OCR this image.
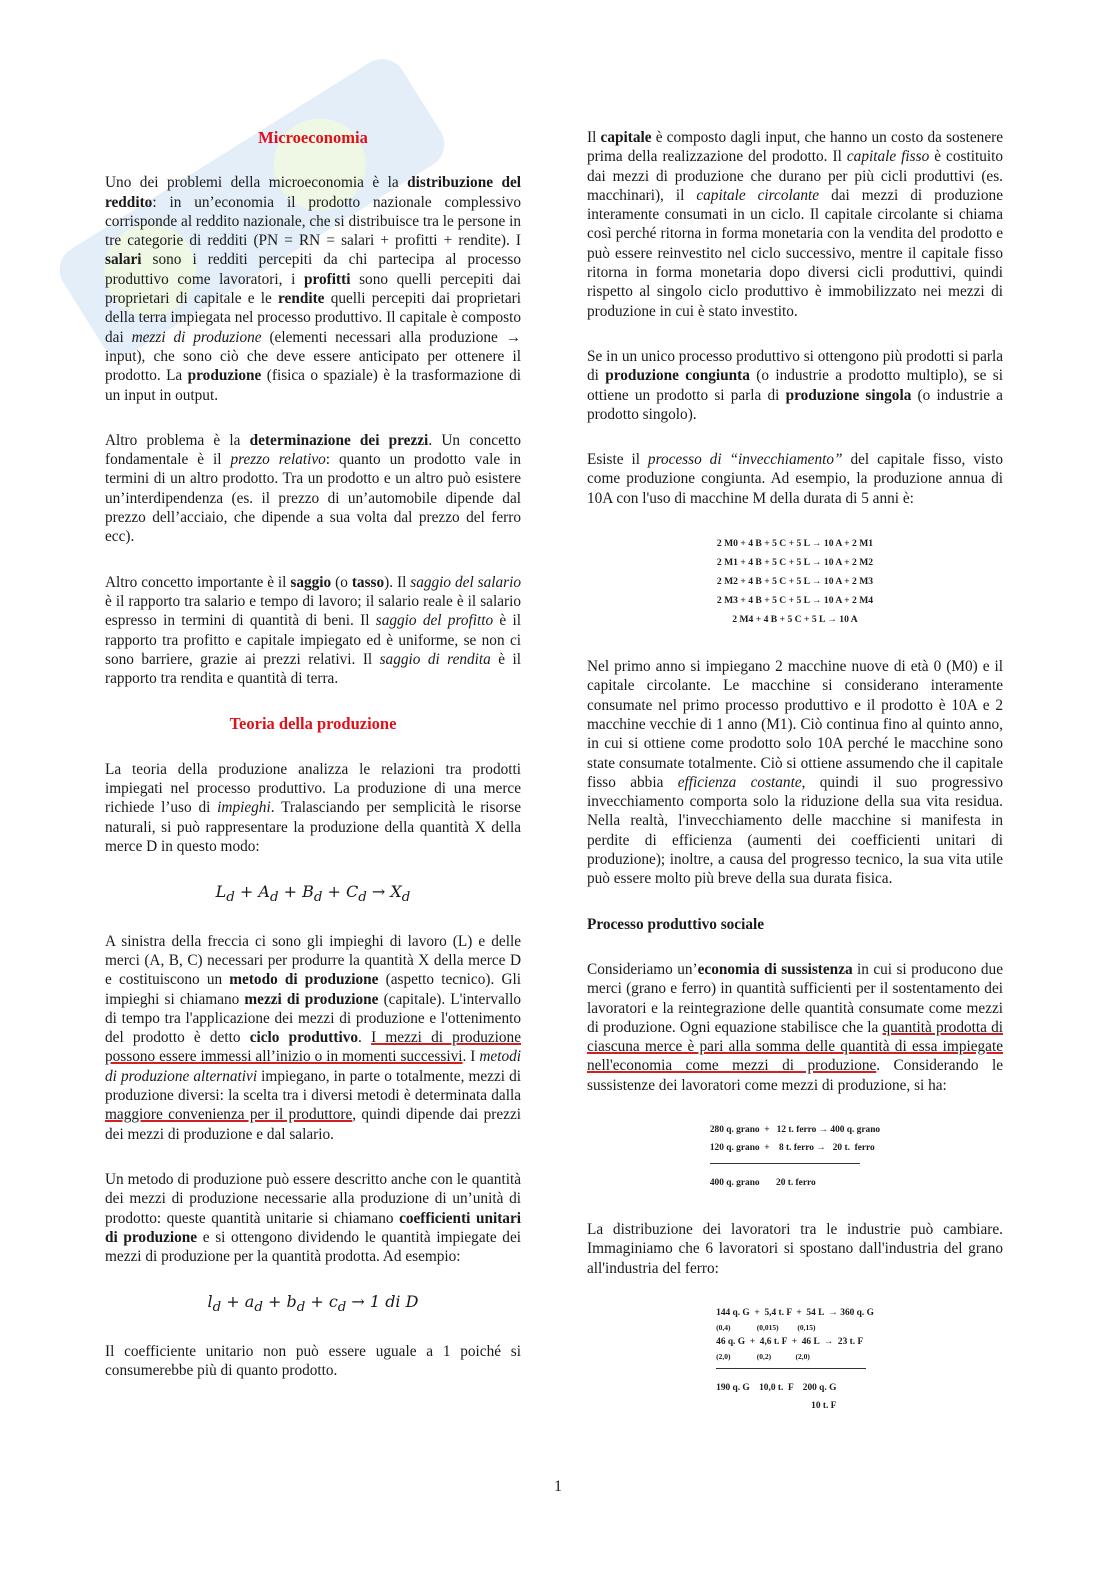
Microeconomia

Uno dei problemi della microeconomia è la distribuzione del reddito: in un’economia il prodotto nazionale complessivo corrisponde al reddito nazionale, che si distribuisce tra le persone in tre categorie di redditi (PN = RN = salari + profitti + rendite). I salari sono i redditi percepiti da chi partecipa al processo produttivo come lavoratori, i profitti sono quelli percepiti dai proprietari di capitale e le rendite quelli percepiti dai proprietari della terra impiegata nel processo produttivo. Il capitale è composto dai mezzi di produzione (elementi necessari alla produzione → input), che sono ciò che deve essere anticipato per ottenere il prodotto. La produzione (fisica o spaziale) è la trasformazione di un input in output.

Altro problema è la determinazione dei prezzi. Un concetto fondamentale è il prezzo relativo: quanto un prodotto vale in termini di un altro prodotto. Tra un prodotto e un altro può esistere un’interdipendenza (es. il prezzo di un’automobile dipende dal prezzo dell’acciaio, che dipende a sua volta dal prezzo del ferro ecc).

Altro concetto importante è il saggio (o tasso). Il saggio del salario è il rapporto tra salario e tempo di lavoro; il salario reale è il salario espresso in termini di quantità di beni. Il saggio del profitto è il rapporto tra profitto e capitale impiegato ed è uniforme, se non ci sono barriere, grazie ai prezzi relativi. Il saggio di rendita è il rapporto tra rendita e quantità di terra.

Teoria della produzione

La teoria della produzione analizza le relazioni tra prodotti impiegati nel processo produttivo. La produzione di una merce richiede l’uso di impieghi. Tralasciando per semplicità le risorse naturali, si può rappresentare la produzione della quantità X della merce D in questo modo:

$L_d + A_d + B_d + C_d \to X_d$

A sinistra della freccia ci sono gli impieghi di lavoro (L) e delle merci (A, B, C) necessari per produrre la quantità X della merce D e costituiscono un metodo di produzione (aspetto tecnico). Gli impieghi si chiamano mezzi di produzione (capitale). L'intervallo di tempo tra l'applicazione dei mezzi di produzione e l'ottenimento del prodotto è detto ciclo produttivo. I mezzi di produzione possono essere immessi all’inizio o in momenti successivi. I metodi di produzione alternativi impiegano, in parte o totalmente, mezzi di produzione diversi: la scelta tra i diversi metodi è determinata dalla maggiore convenienza per il produttore, quindi dipende dai prezzi dei mezzi di produzione e dal salario.

Un metodo di produzione può essere descritto anche con le quantità dei mezzi di produzione necessarie alla produzione di un’unità di prodotto: queste quantità unitarie si chiamano coefficienti unitari di produzione e si ottengono dividendo le quantità impiegate dei mezzi di produzione per la quantità prodotta. Ad esempio:

$l_d + a_d + b_d + c_d \to 1$ di D

Il coefficiente unitario non può essere uguale a 1 poiché si consumerebbe più di quanto prodotto.

Il capitale è composto dagli input, che hanno un costo da sostenere prima della realizzazione del prodotto. Il capitale fisso è costituito dai mezzi di produzione che durano per più cicli produttivi (es. macchinari), il capitale circolante dai mezzi di produzione interamente consumati in un ciclo. Il capitale circolante si chiama così perché ritorna in forma monetaria con la vendita del prodotto e può essere reinvestito nel ciclo successivo, mentre il capitale fisso ritorna in forma monetaria dopo diversi cicli produttivi, quindi rispetto al singolo ciclo produttivo è immobilizzato nei mezzi di produzione in cui è stato investito.

Se in un unico processo produttivo si ottengono più prodotti si parla di produzione congiunta (o industrie a prodotto multiplo), se si ottiene un prodotto si parla di produzione singola (o industrie a prodotto singolo).

Esiste il processo di “invecchiamento” del capitale fisso, visto come produzione congiunta. Ad esempio, la produzione annua di 10A con l'uso di macchine M della durata di 5 anni è:

2 M0 + 4 B + 5 C + 5 L → 10 A + 2 M1
2 M1 + 4 B + 5 C + 5 L → 10 A + 2 M2
2 M2 + 4 B + 5 C + 5 L → 10 A + 2 M3
2 M3 + 4 B + 5 C + 5 L → 10 A + 2 M4
2 M4 + 4 B + 5 C + 5 L → 10 A

Nel primo anno si impiegano 2 macchine nuove di età 0 (M0) e il capitale circolante. Le macchine si considerano interamente consumate nel primo processo produttivo e il prodotto è 10A e 2 macchine vecchie di 1 anno (M1). Ciò continua fino al quinto anno, in cui si ottiene come prodotto solo 10A perché le macchine sono state consumate totalmente. Ciò si ottiene assumendo che il capitale fisso abbia efficienza costante, quindi il suo progressivo invecchiamento comporta solo la riduzione della sua vita residua. Nella realtà, l'invecchiamento delle macchine si manifesta in perdite di efficienza (aumenti dei coefficienti unitari di produzione); inoltre, a causa del progresso tecnico, la sua vita utile può essere molto più breve della sua durata fisica.

Processo produttivo sociale

Consideriamo un’economia di sussistenza in cui si producono due merci (grano e ferro) in quantità sufficienti per il sostentamento dei lavoratori e la reintegrazione delle quantità consumate come mezzi di produzione. Ogni equazione stabilisce che la quantità prodotta di ciascuna merce è pari alla somma delle quantità di essa impiegate nell'economia come mezzi di produzione. Considerando le sussistenze dei lavoratori come mezzi di produzione, si ha:

280 q. grano  +   12 t. ferro → 400 q. grano
120 q. grano  +    8 t. ferro →   20 t.  ferro
400 q. grano       20 t. ferro

La distribuzione dei lavoratori tra le industrie può cambiare. Immaginiamo che 6 lavoratori si spostano dall'industria del grano all'industria del ferro:

144 q. G  +  5,4 t. F  +  54 L  → 360 q. G
(0,4)              (0,015)          (0,15)
46 q. G  +  4,6 t. F  +  46 L  →  23 t. F
(2,0)              (0,2)             (2,0)
190 q. G    10,0 t.  F    200 q. G
10 t. F
1
